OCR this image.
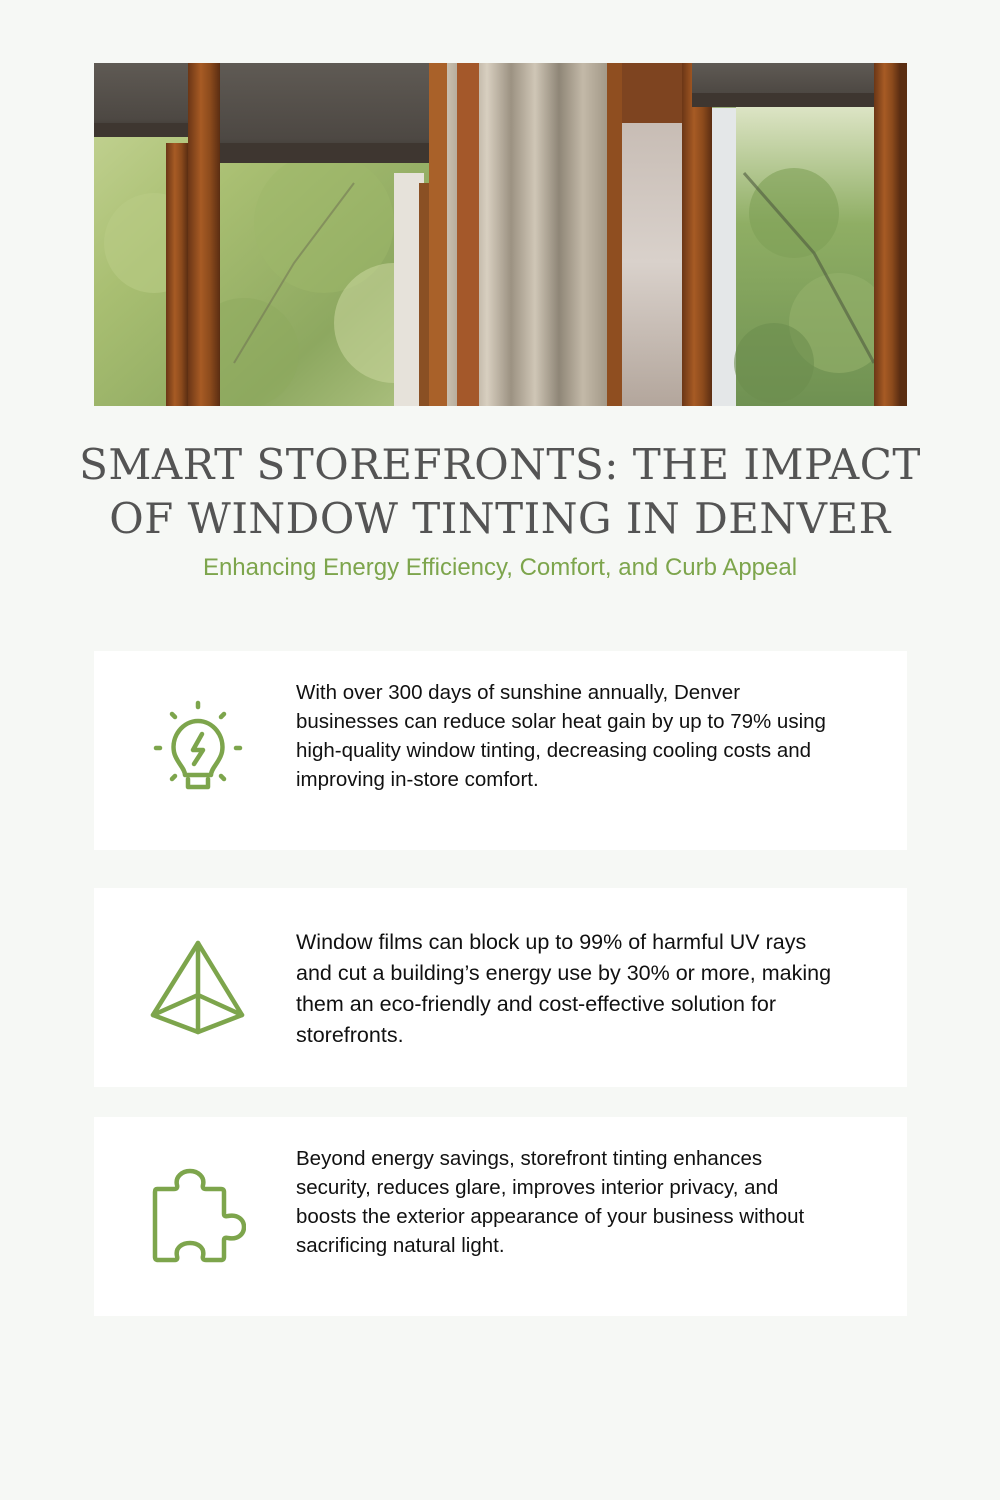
SMART STOREFRONTS: THE IMPACT OF WINDOW TINTING IN DENVER

Enhancing Energy Efficiency, Comfort, and Curb Appeal

With over 300 days of sunshine annually, Denver businesses can reduce solar heat gain by up to 79% using high-quality window tinting, decreasing cooling costs and improving in-store comfort.

Window films can block up to 99% of harmful UV rays and cut a building’s energy use by 30% or more, making them an eco-friendly and cost-effective solution for storefronts.

Beyond energy savings, storefront tinting enhances security, reduces glare, improves interior privacy, and boosts the exterior appearance of your business without sacrificing natural light.
